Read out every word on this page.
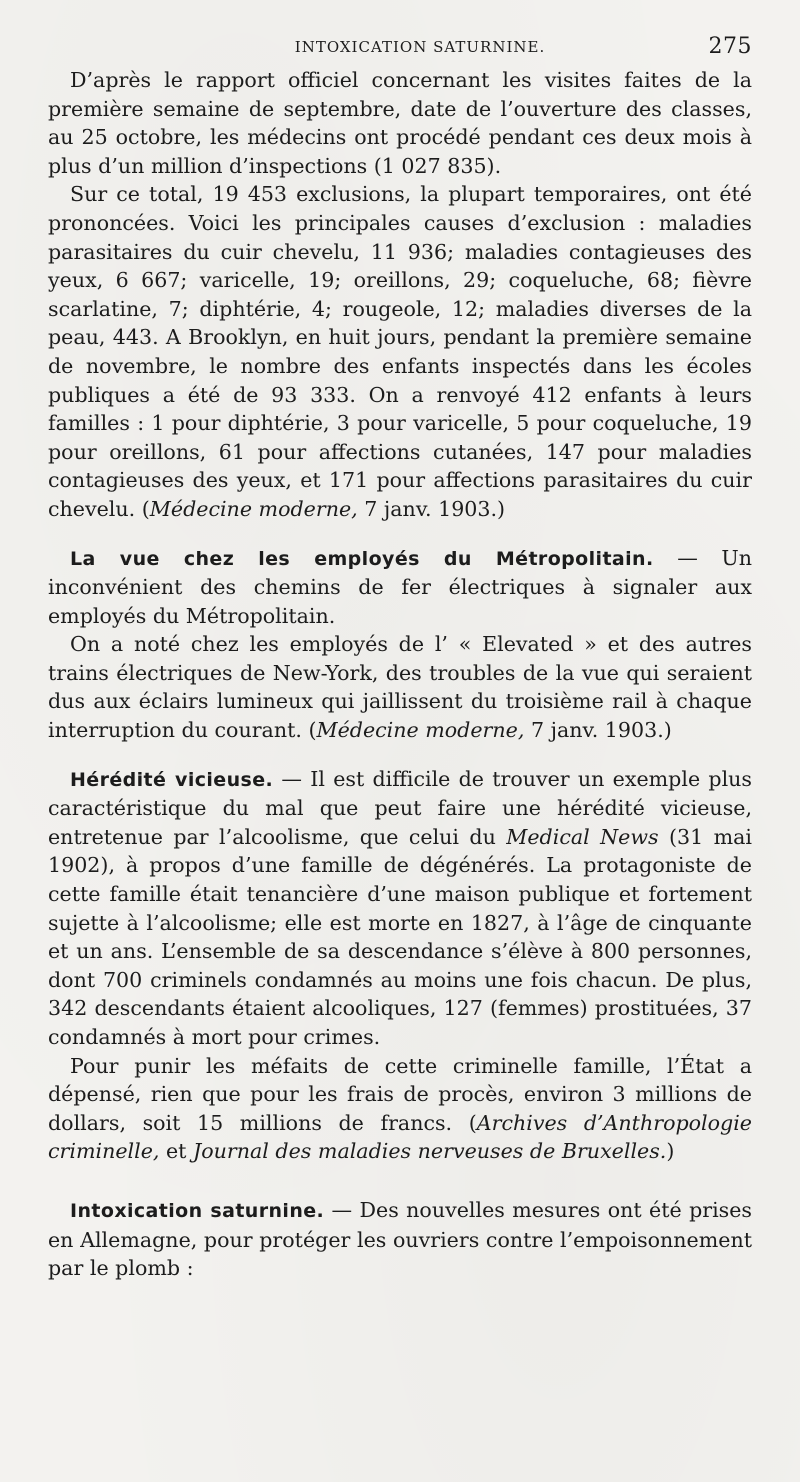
INTOXICATION SATURNINE.	275

D’après le rapport officiel concernant les visites faites de la première semaine de septembre, date de l’ouverture des classes, au 25 octobre, les médecins ont procédé pendant ces deux mois à plus d’un million d’inspections (1 027 835).

Sur ce total, 19 453 exclusions, la plupart temporaires, ont été prononcées. Voici les principales causes d’exclusion : maladies parasitaires du cuir chevelu, 11 936; maladies contagieuses des yeux, 6 667; varicelle, 19; oreillons, 29; coqueluche, 68; fièvre scarlatine, 7; diphtérie, 4; rougeole, 12; maladies diverses de la peau, 443. A Brooklyn, en huit jours, pendant la première semaine de novembre, le nombre des enfants inspectés dans les écoles publiques a été de 93 333. On a renvoyé 412 enfants à leurs familles : 1 pour diphtérie, 3 pour varicelle, 5 pour coqueluche, 19 pour oreillons, 61 pour affections cutanées, 147 pour maladies contagieuses des yeux, et 171 pour affections parasitaires du cuir chevelu. (Médecine moderne, 7 janv. 1903.)

La vue chez les employés du Métropolitain. — Un inconvénient des chemins de fer électriques à signaler aux employés du Métropolitain.

On a noté chez les employés de l’ « Elevated » et des autres trains électriques de New-York, des troubles de la vue qui seraient dus aux éclairs lumineux qui jaillissent du troisième rail à chaque interruption du courant. (Médecine moderne, 7 janv. 1903.)

Hérédité vicieuse. — Il est difficile de trouver un exemple plus caractéristique du mal que peut faire une hérédité vicieuse, entretenue par l’alcoolisme, que celui du Medical News (31 mai 1902), à propos d’une famille de dégénérés. La protagoniste de cette famille était tenancière d’une maison publique et fortement sujette à l’alcoolisme; elle est morte en 1827, à l’âge de cinquante et un ans. L’ensemble de sa descendance s’élève à 800 personnes, dont 700 criminels condamnés au moins une fois chacun. De plus, 342 descendants étaient alcooliques, 127 (femmes) prostituées, 37 condamnés à mort pour crimes.

Pour punir les méfaits de cette criminelle famille, l’État a dépensé, rien que pour les frais de procès, environ 3 millions de dollars, soit 15 millions de francs. (Archives d’Anthropologie criminelle, et Journal des maladies nerveuses de Bruxelles.)

Intoxication saturnine. — Des nouvelles mesures ont été prises en Allemagne, pour protéger les ouvriers contre l’empoisonnement par le plomb :
